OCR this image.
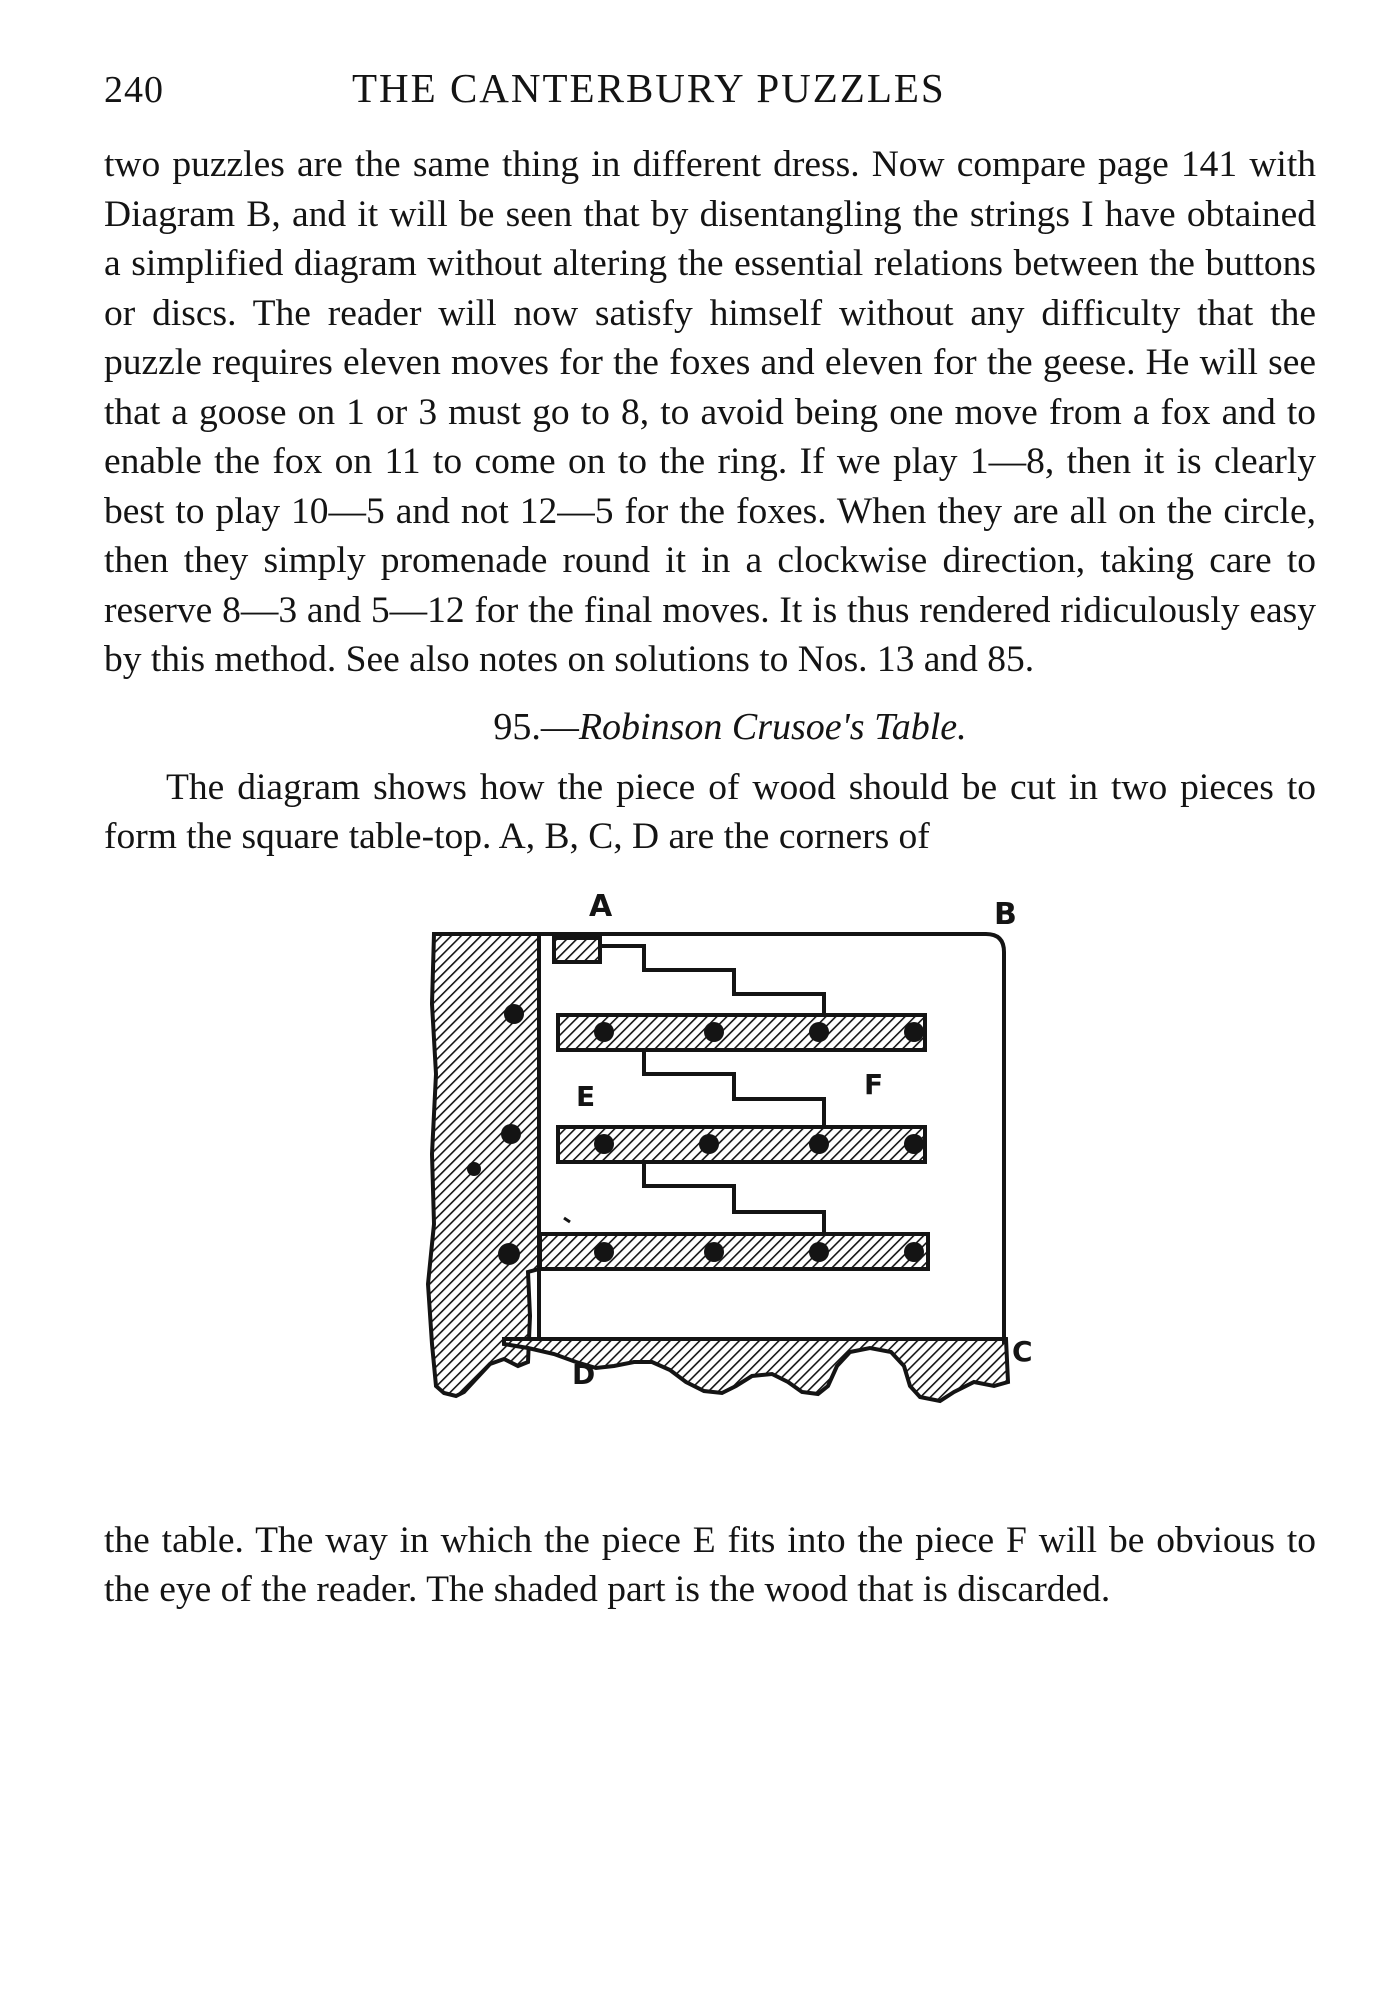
240	THE CANTERBURY PUZZLES

two puzzles are the same thing in different dress. Now compare page 141 with Diagram B, and it will be seen that by disentangling the strings I have obtained a simplified diagram without altering the essential relations between the buttons or discs. The reader will now satisfy himself without any difficulty that the puzzle requires eleven moves for the foxes and eleven for the geese. He will see that a goose on 1 or 3 must go to 8, to avoid being one move from a fox and to enable the fox on 11 to come on to the ring. If we play 1—8, then it is clearly best to play 10—5 and not 12—5 for the foxes. When they are all on the circle, then they simply promenade round it in a clockwise direction, taking care to reserve 8—3 and 5—12 for the final moves. It is thus rendered ridiculously easy by this method. See also notes on solutions to Nos. 13 and 85.

95.—Robinson Crusoe's Table.

The diagram shows how the piece of wood should be cut in two pieces to form the square table-top. A, B, C, D are the corners of

A	B
C
D
E	F

the table. The way in which the piece E fits into the piece F will be obvious to the eye of the reader. The shaded part is the wood that is discarded.
